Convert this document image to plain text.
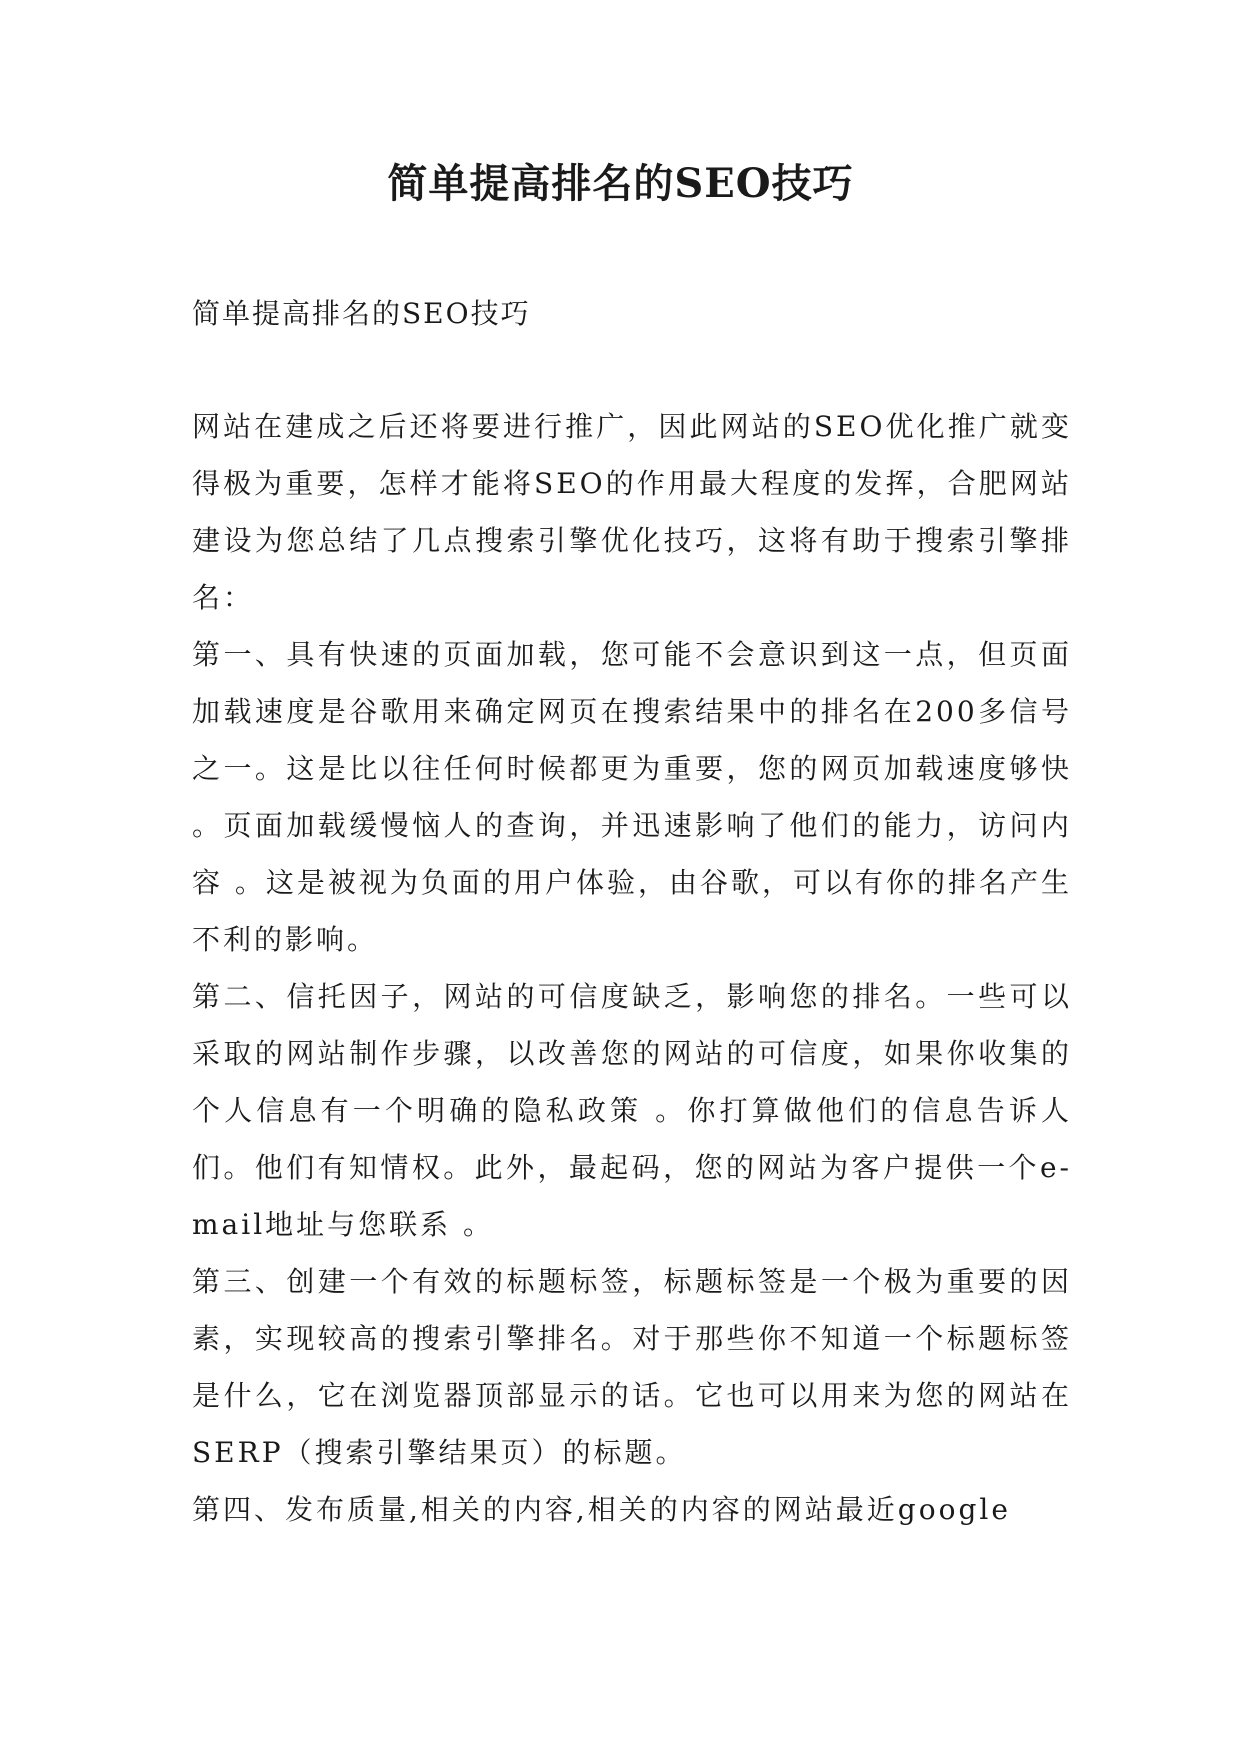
简单提高排名的SEO技巧

简单提高排名的SEO技巧

网站在建成之后还将要进行推广，因此网站的SEO优化推广就变得极为重要，怎样才能将SEO的作用最大程度的发挥，合肥网站建设为您总结了几点搜索引擎优化技巧，这将有助于搜索引擎排名：

第一、具有快速的页面加载，您可能不会意识到这一点，但页面加载速度是谷歌用来确定网页在搜索结果中的排名在200多信号之一。这是比以往任何时候都更为重要，您的网页加载速度够快 。页面加载缓慢恼人的查询，并迅速影响了他们的能力，访问内容 。这是被视为负面的用户体验，由谷歌，可以有你的排名产生不利的影响。

第二、信托因子，网站的可信度缺乏，影响您的排名。一些可以采取的网站制作步骤，以改善您的网站的可信度，如果你收集的个人信息有一个明确的隐私政策 。你打算做他们的信息告诉人们。他们有知情权。此外，最起码，您的网站为客户提供一个e-mail地址与您联系 。

第三、创建一个有效的标题标签，标题标签是一个极为重要的因素，实现较高的搜索引擎排名。对于那些你不知道一个标题标签是什么，它在浏览器顶部显示的话。它也可以用来为您的网站在SERP（搜索引擎结果页）的标题。

第四、发布质量,相关的内容,相关的内容的网站最近google
